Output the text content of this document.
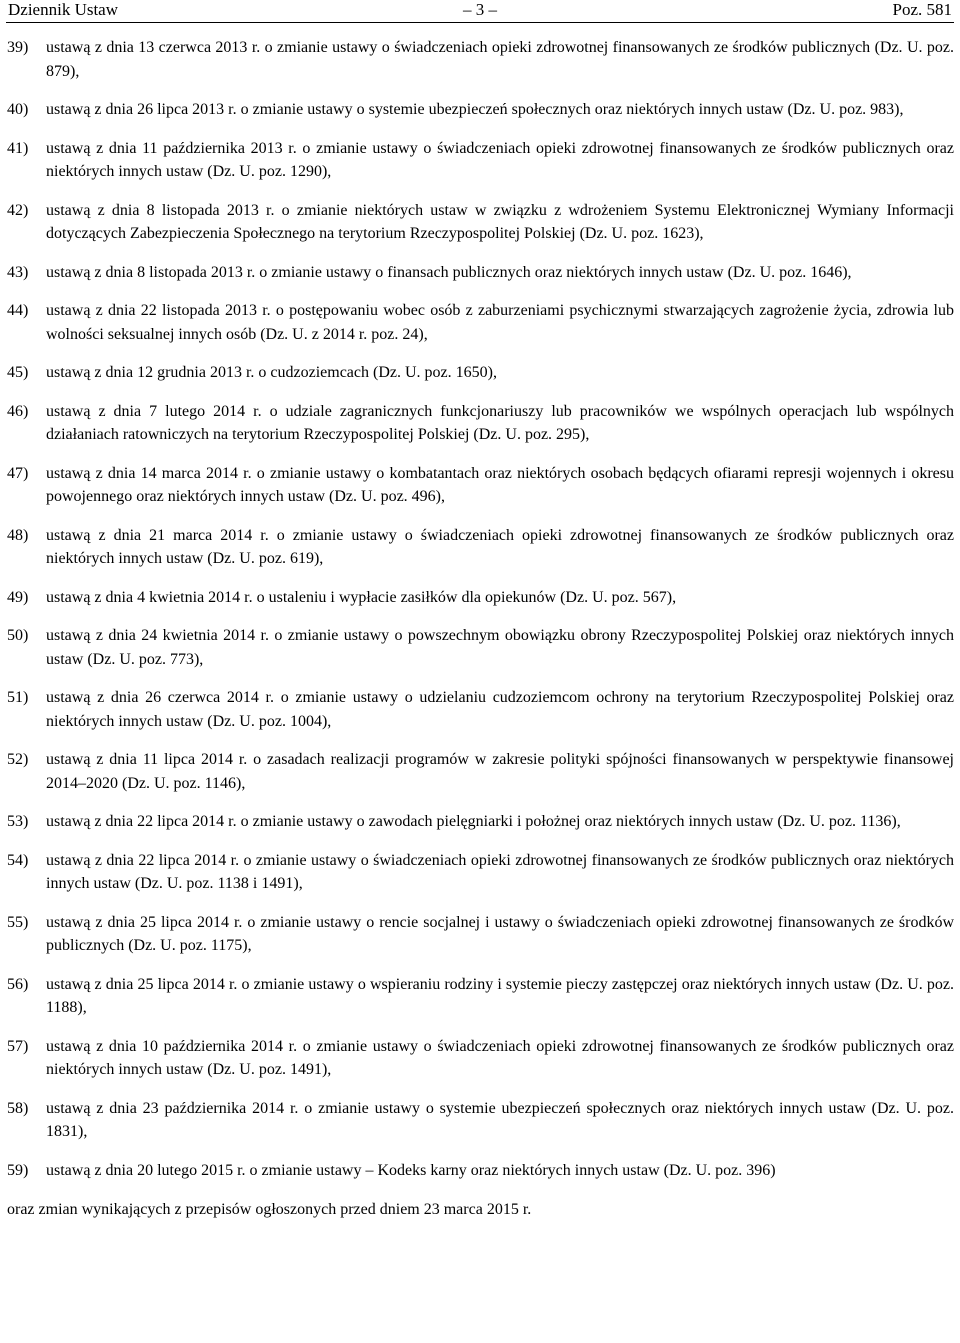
Dziennik Ustaw	– 3 –	Poz. 581
39) ustawą z dnia 13 czerwca 2013 r. o zmianie ustawy o świadczeniach opieki zdrowotnej finansowanych ze środków publicznych (Dz. U. poz. 879),
40) ustawą z dnia 26 lipca 2013 r. o zmianie ustawy o systemie ubezpieczeń społecznych oraz niektórych innych ustaw (Dz. U. poz. 983),
41) ustawą z dnia 11 października 2013 r. o zmianie ustawy o świadczeniach opieki zdrowotnej finansowanych ze środków publicznych oraz niektórych innych ustaw (Dz. U. poz. 1290),
42) ustawą z dnia 8 listopada 2013 r. o zmianie niektórych ustaw w związku z wdrożeniem Systemu Elektronicznej Wymiany Informacji dotyczących Zabezpieczenia Społecznego na terytorium Rzeczypospolitej Polskiej (Dz. U. poz. 1623),
43) ustawą z dnia 8 listopada 2013 r. o zmianie ustawy o finansach publicznych oraz niektórych innych ustaw (Dz. U. poz. 1646),
44) ustawą z dnia 22 listopada 2013 r. o postępowaniu wobec osób z zaburzeniami psychicznymi stwarzających zagrożenie życia, zdrowia lub wolności seksualnej innych osób (Dz. U. z 2014 r. poz. 24),
45) ustawą z dnia 12 grudnia 2013 r. o cudzoziemcach (Dz. U. poz. 1650),
46) ustawą z dnia 7 lutego 2014 r. o udziale zagranicznych funkcjonariuszy lub pracowników we wspólnych operacjach lub wspólnych działaniach ratowniczych na terytorium Rzeczypospolitej Polskiej (Dz. U. poz. 295),
47) ustawą z dnia 14 marca 2014 r. o zmianie ustawy o kombatantach oraz niektórych osobach będących ofiarami represji wojennych i okresu powojennego oraz niektórych innych ustaw (Dz. U. poz. 496),
48) ustawą z dnia 21 marca 2014 r. o zmianie ustawy o świadczeniach opieki zdrowotnej finansowanych ze środków publicznych oraz niektórych innych ustaw (Dz. U. poz. 619),
49) ustawą z dnia 4 kwietnia 2014 r. o ustaleniu i wypłacie zasiłków dla opiekunów (Dz. U. poz. 567),
50) ustawą z dnia 24 kwietnia 2014 r. o zmianie ustawy o powszechnym obowiązku obrony Rzeczypospolitej Polskiej oraz niektórych innych ustaw (Dz. U. poz. 773),
51) ustawą z dnia 26 czerwca 2014 r. o zmianie ustawy o udzielaniu cudzoziemcom ochrony na terytorium Rzeczypospolitej Polskiej oraz niektórych innych ustaw (Dz. U. poz. 1004),
52) ustawą z dnia 11 lipca 2014 r. o zasadach realizacji programów w zakresie polityki spójności finansowanych w perspektywie finansowej 2014–2020 (Dz. U. poz. 1146),
53) ustawą z dnia 22 lipca 2014 r. o zmianie ustawy o zawodach pielęgniarki i położnej oraz niektórych innych ustaw (Dz. U. poz. 1136),
54) ustawą z dnia 22 lipca 2014 r. o zmianie ustawy o świadczeniach opieki zdrowotnej finansowanych ze środków publicznych oraz niektórych innych ustaw (Dz. U. poz. 1138 i 1491),
55) ustawą z dnia 25 lipca 2014 r. o zmianie ustawy o rencie socjalnej i ustawy o świadczeniach opieki zdrowotnej finansowanych ze środków publicznych (Dz. U. poz. 1175),
56) ustawą z dnia 25 lipca 2014 r. o zmianie ustawy o wspieraniu rodziny i systemie pieczy zastępczej oraz niektórych innych ustaw (Dz. U. poz. 1188),
57) ustawą z dnia 10 października 2014 r. o zmianie ustawy o świadczeniach opieki zdrowotnej finansowanych ze środków publicznych oraz niektórych innych ustaw (Dz. U. poz. 1491),
58) ustawą z dnia 23 października 2014 r. o zmianie ustawy o systemie ubezpieczeń społecznych oraz niektórych innych ustaw (Dz. U. poz. 1831),
59) ustawą z dnia 20 lutego 2015 r. o zmianie ustawy – Kodeks karny oraz niektórych innych ustaw (Dz. U. poz. 396)
oraz zmian wynikających z przepisów ogłoszonych przed dniem 23 marca 2015 r.
